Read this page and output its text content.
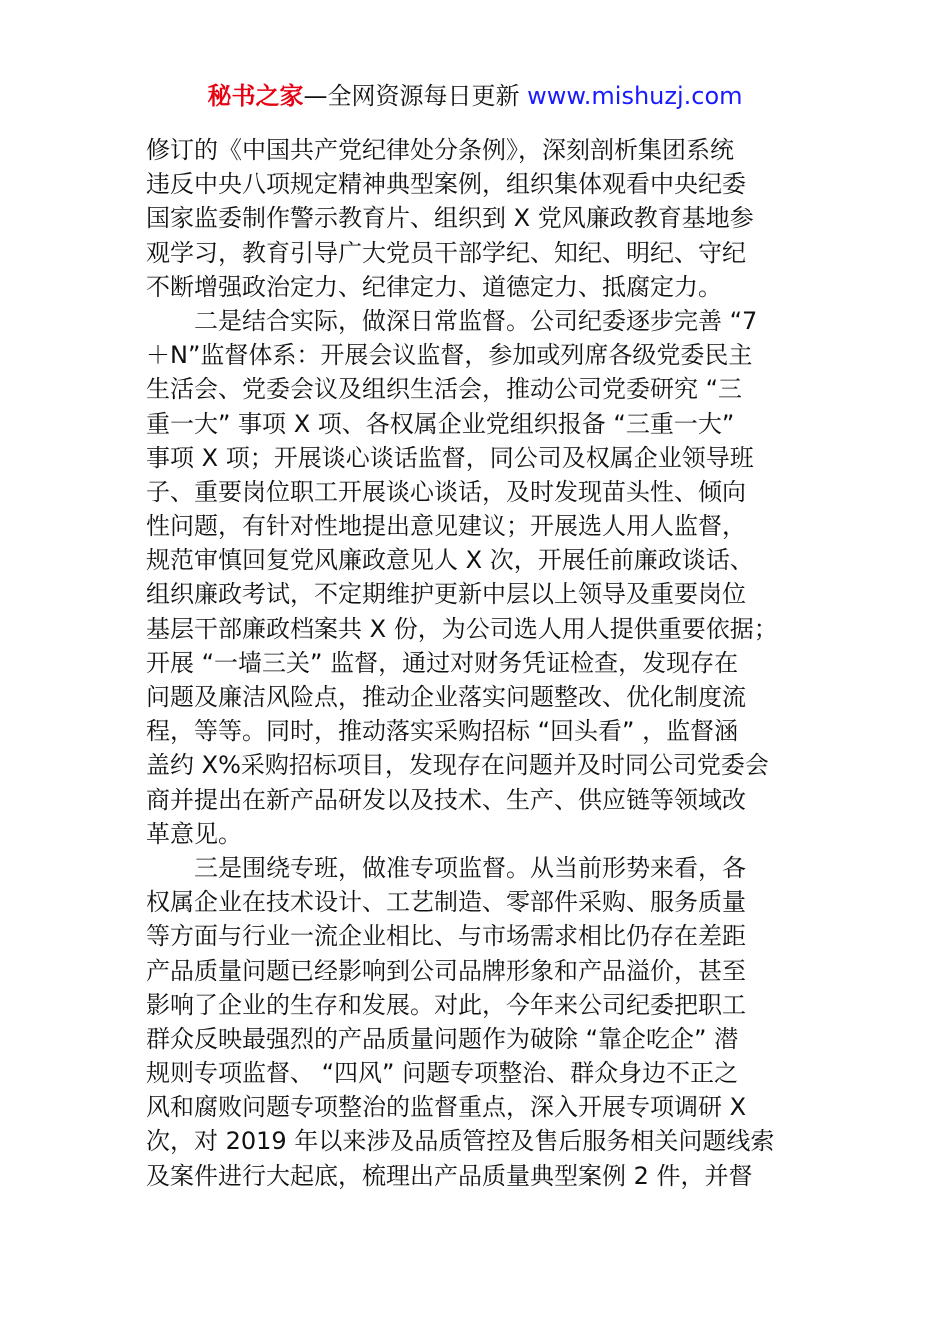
秘书之家—全网资源每日更新 www.mishuzj.com
修订的《中国共产党纪律处分条例》，深刻剖析集团系统
违反中央八项规定精神典型案例，组织集体观看中央纪委
国家监委制作警示教育片、组织到 X 党风廉政教育基地参
观学习，教育引导广大党员干部学纪、知纪、明纪、守纪
不断增强政治定力、纪律定力、道德定力、抵腐定力。
二是结合实际，做深日常监督。公司纪委逐步完善 “7
＋N”监督体系：开展会议监督，参加或列席各级党委民主
生活会、党委会议及组织生活会，推动公司党委研究 “三
重一大” 事项 X 项、各权属企业党组织报备 “三重一大”
事项 X 项；开展谈心谈话监督，同公司及权属企业领导班
子、重要岗位职工开展谈心谈话，及时发现苗头性、倾向
性问题，有针对性地提出意见建议；开展选人用人监督，
规范审慎回复党风廉政意见人 X 次，开展任前廉政谈话、
组织廉政考试，不定期维护更新中层以上领导及重要岗位
基层干部廉政档案共 X 份，为公司选人用人提供重要依据；
开展 “一墙三关” 监督，通过对财务凭证检查，发现存在
问题及廉洁风险点，推动企业落实问题整改、优化制度流
程，等等。同时，推动落实采购招标 “回头看” ，监督涵
盖约 X%采购招标项目，发现存在问题并及时同公司党委会
商并提出在新产品研发以及技术、生产、供应链等领域改
革意见。
三是围绕专班，做准专项监督。从当前形势来看，各
权属企业在技术设计、工艺制造、零部件采购、服务质量
等方面与行业一流企业相比、与市场需求相比仍存在差距
产品质量问题已经影响到公司品牌形象和产品溢价，甚至
影响了企业的生存和发展。对此，今年来公司纪委把职工
群众反映最强烈的产品质量问题作为破除 “靠企吃企” 潜
规则专项监督、 “四风” 问题专项整治、群众身边不正之
风和腐败问题专项整治的监督重点，深入开展专项调研 X
次，对 2019 年以来涉及品质管控及售后服务相关问题线索
及案件进行大起底，梳理出产品质量典型案例 2 件，并督
